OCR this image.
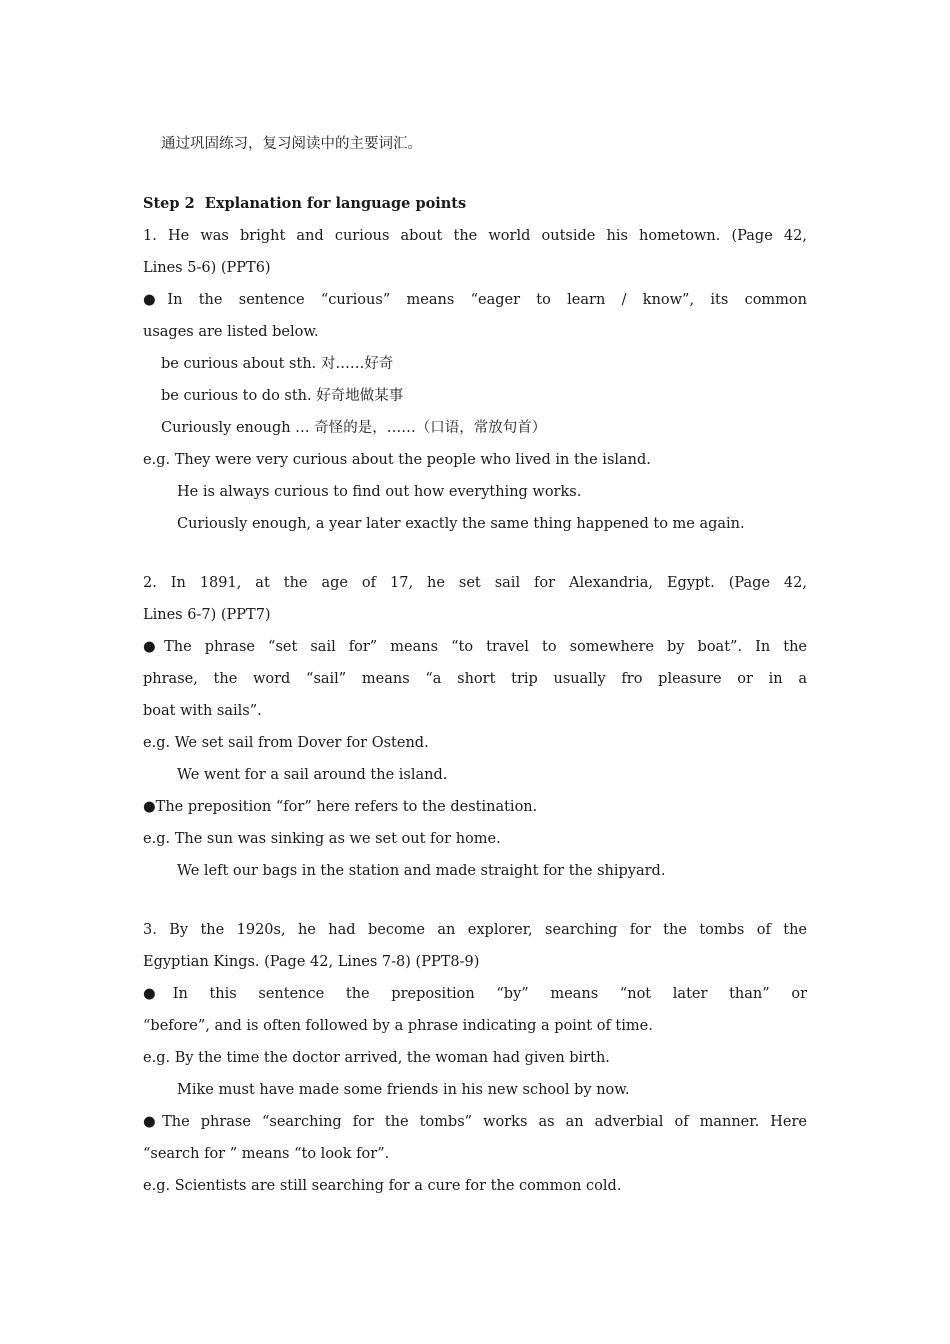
通过巩固练习，复习阅读中的主要词汇。
Step 2  Explanation for language points
1. He was bright and curious about the world outside his hometown. (Page 42,
Lines 5-6) (PPT6)
●In the sentence “curious” means “eager to learn / know”, its common
usages are listed below.
be curious about sth. 对……好奇
be curious to do sth. 好奇地做某事
Curiously enough … 奇怪的是，……（口语，常放句首）
e.g. They were very curious about the people who lived in the island.
He is always curious to find out how everything works.
Curiously enough, a year later exactly the same thing happened to me again.
2. In 1891, at the age of 17, he set sail for Alexandria, Egypt. (Page 42,
Lines 6-7) (PPT7)
●The phrase “set sail for” means “to travel to somewhere by boat”. In the
phrase, the word “sail” means “a short trip usually fro pleasure or in a
boat with sails”.
e.g. We set sail from Dover for Ostend.
We went for a sail around the island.
●The preposition “for” here refers to the destination.
e.g. The sun was sinking as we set out for home.
We left our bags in the station and made straight for the shipyard.
3. By the 1920s, he had become an explorer, searching for the tombs of the
Egyptian Kings. (Page 42, Lines 7-8) (PPT8-9)
●In this sentence the preposition “by” means “not later than” or
“before”, and is often followed by a phrase indicating a point of time.
e.g. By the time the doctor arrived, the woman had given birth.
Mike must have made some friends in his new school by now.
●The phrase “searching for the tombs” works as an adverbial of manner. Here
“search for ” means “to look for”.
e.g. Scientists are still searching for a cure for the common cold.
